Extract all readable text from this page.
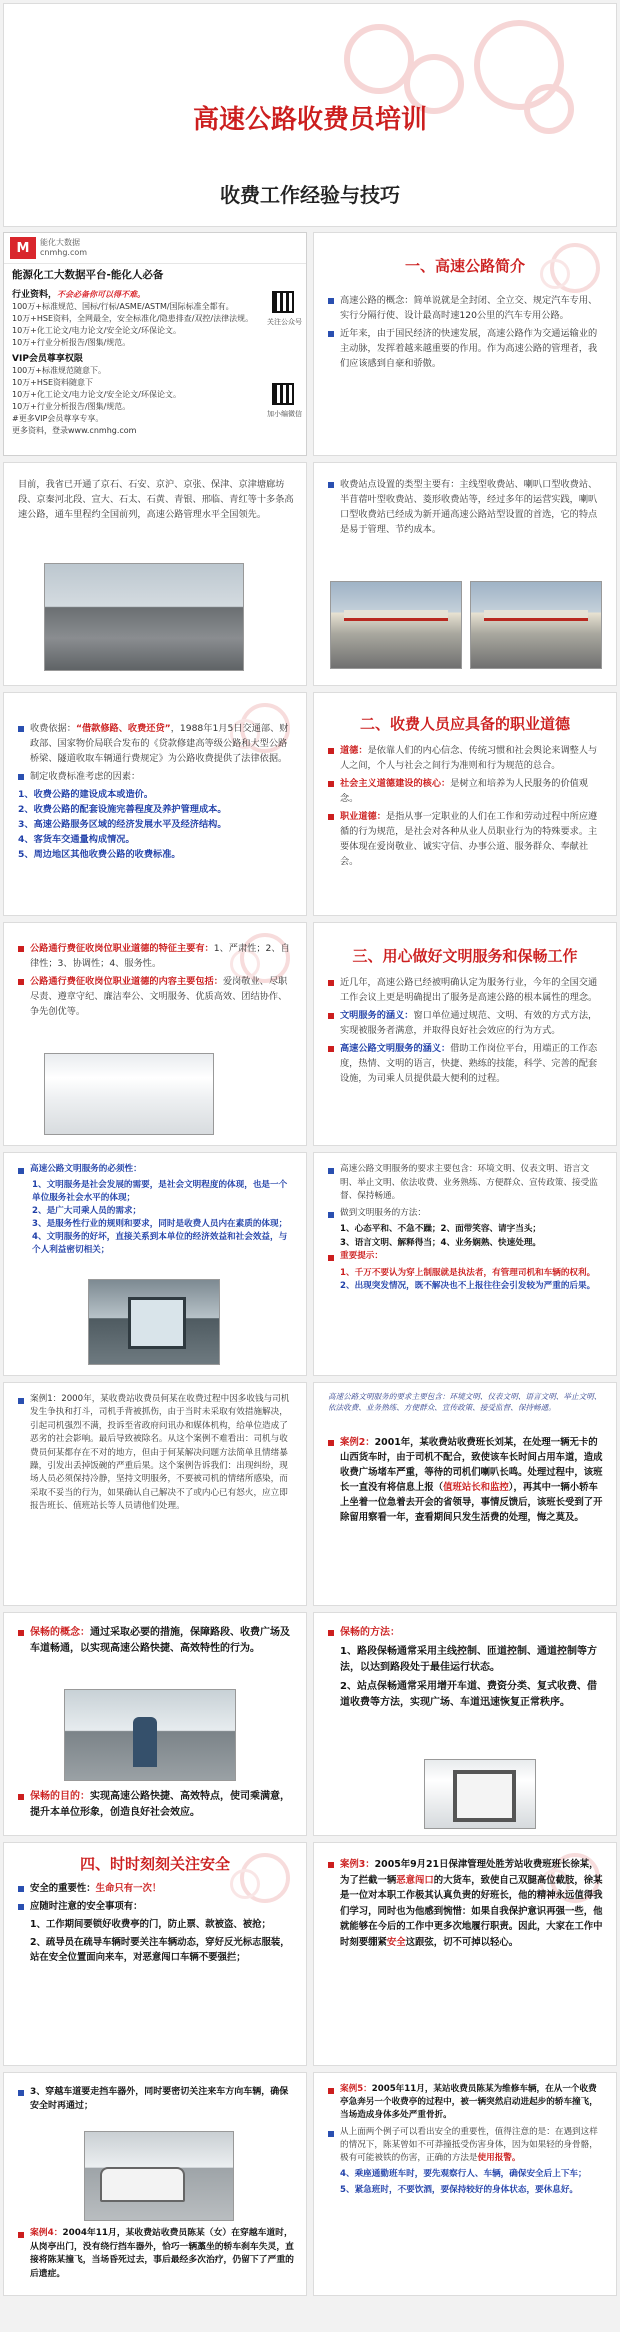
高速公路收费员培训
收费工作经验与技巧
M	能化大数据
cnmhg.com
能源化工大数据平台-能化人必备
行业资料，不会必备你可以得不难。
100万+标准规范、国标/行标/ASME/ASTM/国际标准全都有。
10万+HSE资料，全网最全，安全标准化/隐患排查/双控/法律法规。
10万+化工论文/电力论文/安全论文/环保论文。
10万+行业分析报告/图集/规范。
VIP会员尊享权限
100万+标准规范随意下。
10万+HSE资料随意下
10万+化工论文/电力论文/安全论文/环保论文。
10万+行业分析报告/图集/规范。
#更多VIP会员尊享专享。
更多资料，登录www.cnmhg.com
关注公众号
加小编微信
一、高速公路简介

高速公路的概念：简单说就是全封闭、全立交、规定汽车专用、实行分隔行使、设计最高时速120公里的汽车专用公路。

近年来，由于国民经济的快速发展，高速公路作为交通运输业的主动脉，发挥着越来越重要的作用。作为高速公路的管理者，我们应该感到自豪和骄傲。

目前，我省已开通了京石、石安、京沪、京张、保津、京津塘廊坊段、京秦河北段、宣大、石太、石黄、青银、邢临、青红等十多条高速公路，通车里程约全国前列，高速公路管理水平全国领先。

收费站点设置的类型主要有：主线型收费站、喇叭口型收费站、半苜蓿叶型收费站、菱形收费站等，经过多年的运营实践，喇叭口型收费站已经成为新开通高速公路站型设置的首选，它的特点是易于管理、节约成本。

收费依据：“借款修路、收费还贷”，1988年1月5日交通部、财政部、国家物价局联合发布的《贷款修建高等级公路和大型公路桥梁、隧道收取车辆通行费规定》为公路收费提供了法律依据。

制定收费标准考虑的因素：

1、收费公路的建设成本或造价。
2、收费公路的配套设施完善程度及养护管理成本。
3、高速公路服务区域的经济发展水平及经济结构。
4、客货车交通量构成情况。
5、周边地区其他收费公路的收费标准。
二、收费人员应具备的职业道德

道德：是依靠人们的内心信念、传统习惯和社会舆论来调整人与人之间，个人与社会之间行为准则和行为规范的总合。

社会主义道德建设的核心：是树立和培养为人民服务的价值观念。

职业道德：是指从事一定职业的人们在工作和劳动过程中所应遵循的行为规范，是社会对各种从业人员职业行为的特殊要求。主要体现在爱岗敬业、诚实守信、办事公道、服务群众、奉献社会。

公路通行费征收岗位职业道德的特征主要有：1、严肃性；2、自律性；3、协调性；4、服务性。

公路通行费征收岗位职业道德的内容主要包括：爱岗敬业、尽职尽责、遵章守纪、廉洁奉公、文明服务、优质高效、团结协作、争先创优等。

三、用心做好文明服务和保畅工作

近几年，高速公路已经被明确认定为服务行业，今年的全国交通工作会议上更是明确提出了服务是高速公路的根本属性的理念。

文明服务的涵义：窗口单位通过规范、文明、有效的方式方法，实现被服务者满意，并取得良好社会效应的行为方式。

高速公路文明服务的涵义：借助工作岗位平台，用端正的工作态度，热情、文明的语言，快捷、熟练的技能，科学、完善的配套设施，为司乘人员提供最大便利的过程。

高速公路文明服务的必须性：

1、文明服务是社会发展的需要，是社会文明程度的体现，也是一个单位服务社会水平的体现；
2、是广大司乘人员的需求；
3、是服务性行业的规则和要求，同时是收费人员内在素质的体现；
4、文明服务的好坏，直接关系到本单位的经济效益和社会效益，与个人利益密切相关；

高速公路文明服务的要求主要包含：环境文明、仪表文明、语言文明、举止文明、依法收费、业务熟练、方便群众、宣传政策、接受监督、保持畅通。

做到文明服务的方法：

1、心态平和、不急不躁；2、面带笑容、请字当头；
3、语言文明、解释得当；4、业务娴熟、快速处理。

重要提示：

1、千万不要认为穿上制服就是执法者，有管理司机和车辆的权利。
2、出现突发情况，既不解决也不上报往往会引发较为严重的后果。

案例1：2000年，某收费站收费员何某在收费过程中因多收钱与司机发生争执和打斗，司机手背被抓伤，由于当时未采取有效措施解决，引起司机强烈不满，投诉至省政府问讯办和媒体机构，给单位造成了恶劣的社会影响。最后导致被除名。从这个案例不难看出：司机与收费员何某都存在不对的地方，但由于何某解决问题方法简单且情绪暴躁，引发出丢掉饭碗的严重后果。这个案例告诉我们：出现纠纷，现场人员必须保持冷静，坚持文明服务，不要被司机的情绪所感染，而采取不妥当的行为，如果确认自己解决不了或内心已有怒火，应立即报告班长、值班站长等人员请他们处理。

高速公路文明服务的要求主要包含：环境文明、仪表文明、语言文明、举止文明、依法收费、业务熟练、方便群众、宣传政策、接受监督、保持畅通。

案例2：2001年，某收费站收费班长刘某，在处理一辆无卡的山西货车时，由于司机不配合，致使该车长时间占用车道，造成收费广场堵车严重，等待的司机们喇叭长鸣。处理过程中，该班长一直没有将信息上报（值班站长和监控），再其中一辆小轿车上坐着一位急着去开会的省领导，事情反馈后，该班长受到了开除留用察看一年，查看期间只发生活费的处理，悔之莫及。

保畅的概念：通过采取必要的措施，保障路段、收费广场及车道畅通，以实现高速公路快捷、高效特性的行为。

保畅的目的：实现高速公路快捷、高效特点，使司乘满意，提升本单位形象，创造良好社会效应。

保畅的方法：

1、路段保畅通常采用主线控制、匝道控制、通道控制等方法，以达到路段处于最佳运行状态。

2、站点保畅通常采用增开车道、费资分类、复式收费、借道收费等方法，实现广场、车道迅速恢复正常秩序。

四、时时刻刻关注安全

安全的重要性：生命只有一次！

应随时注意的安全事项有：

1、工作期间要锁好收费亭的门，防止票、款被盗、被抢；

2、疏导员在疏导车辆时要关注车辆动态，穿好反光标志服装，站在安全位置面向来车，对恶意闯口车辆不要强拦；

案例3：2005年9月21日保津管理处胜芳站收费班班长徐某，为了拦截一辆恶意闯口的大货车，致使自己双腿高位截肢，徐某是一位对本职工作极其认真负责的好班长，他的精神永远值得我们学习，同时也为他感到惋惜：如果自我保护意识再强一些，他就能够在今后的工作中更多次地履行职责。因此，大家在工作中时刻要绷紧安全这跟弦，切不可掉以轻心。

3、穿越车道要走挡车器外，同时要密切关注来车方向车辆，确保安全时再通过；

案例4：2004年11月，某收费站收费员陈某（女）在穿越车道时，从岗亭出门，没有绕行挡车器外，恰巧一辆藁坐的轿车刹车失灵，直接将陈某撞飞，当场昏死过去，事后最经多次治疗，仍留下了严重的后遗症。

案例5：2005年11月，某站收费员陈某为维修车辆，在从一个收费亭急奔另一个收费亭的过程中，被一辆突然启动进起步的轿车撞飞，当场造成身体多处严重骨折。

从上面两个例子可以看出安全的重要性，值得注意的是：在遇到这样的情况下，陈某曾如不可莽撞抵受伤害身体，因为如果轻的身骨骼，极有可能被铁的伤害，正确的方法是使用报警。

4、乘座通勤班车时，要先观察行人、车辆，确保安全后上下车；

5、紧急班时，不要饮酒，要保持较好的身体状态，要休息好。
